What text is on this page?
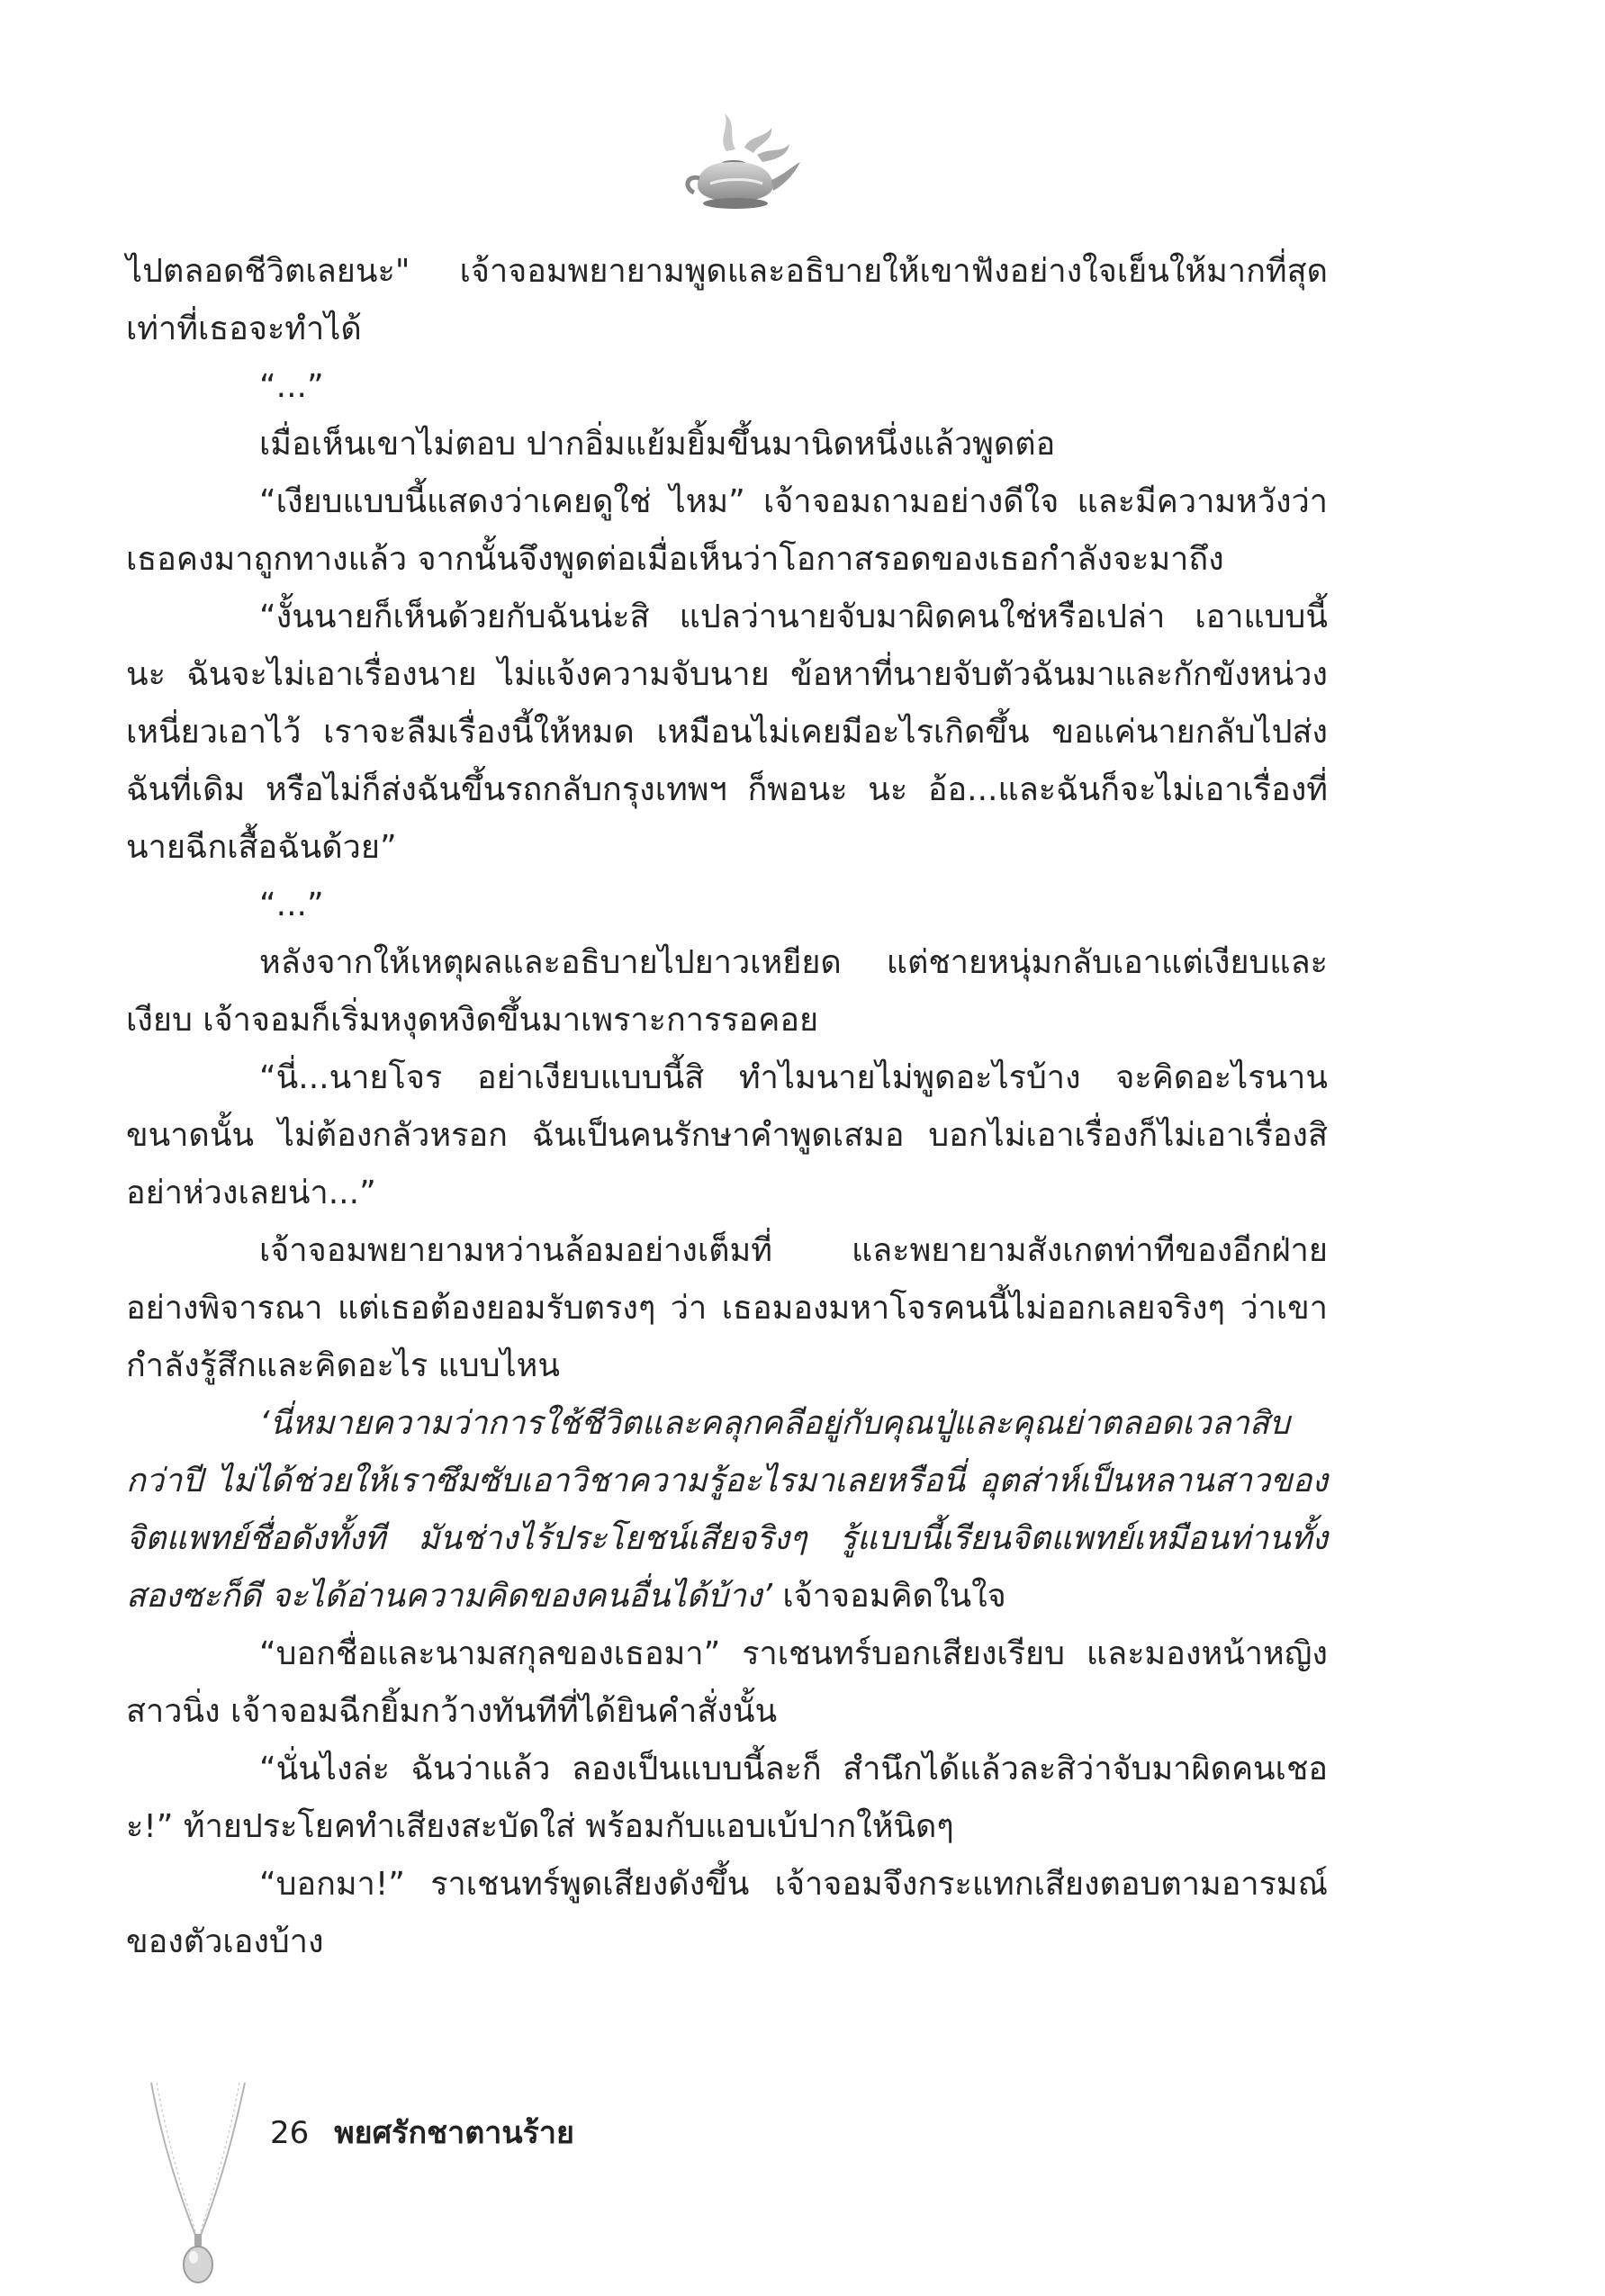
ไปตลอดชีวิตเลยนะ" เจ้าจอมพยายามพูดและอธิบายให้เขาฟังอย่างใจเย็นให้มากที่สุดเท่าที่เธอจะทำได้

“...”

เมื่อเห็นเขาไม่ตอบ ปากอิ่มแย้มยิ้มขึ้นมานิดหนึ่งแล้วพูดต่อ

“เงียบแบบนี้แสดงว่าเคยดูใช่ ไหม” เจ้าจอมถามอย่างดีใจ และมีความหวังว่าเธอคงมาถูกทางแล้ว จากนั้นจึงพูดต่อเมื่อเห็นว่าโอกาสรอดของเธอกำลังจะมาถึง

“งั้นนายก็เห็นด้วยกับฉันน่ะสิ แปลว่านายจับมาผิดคนใช่หรือเปล่า เอาแบบนี้นะ ฉันจะไม่เอาเรื่องนาย ไม่แจ้งความจับนาย ข้อหาที่นายจับตัวฉันมาและกักขังหน่วงเหนี่ยวเอาไว้ เราจะลืมเรื่องนี้ให้หมด เหมือนไม่เคยมีอะไรเกิดขึ้น ขอแค่นายกลับไปส่งฉันที่เดิม หรือไม่ก็ส่งฉันขึ้นรถกลับกรุงเทพฯ ก็พอนะ นะ อ้อ...และฉันก็จะไม่เอาเรื่องที่นายฉีกเสื้อฉันด้วย”

“...”

หลังจากให้เหตุผลและอธิบายไปยาวเหยียด แต่ชายหนุ่มกลับเอาแต่เงียบและเงียบ เจ้าจอมก็เริ่มหงุดหงิดขึ้นมาเพราะการรอคอย

“นี่...นายโจร อย่าเงียบแบบนี้สิ ทำไมนายไม่พูดอะไรบ้าง จะคิดอะไรนานขนาดนั้น ไม่ต้องกลัวหรอก ฉันเป็นคนรักษาคำพูดเสมอ บอกไม่เอาเรื่องก็ไม่เอาเรื่องสิ อย่าห่วงเลยน่า...”

เจ้าจอมพยายามหว่านล้อมอย่างเต็มที่ และพยายามสังเกตท่าทีของอีกฝ่ายอย่างพิจารณา แต่เธอต้องยอมรับตรงๆ ว่า เธอมองมหาโจรคนนี้ไม่ออกเลยจริงๆ ว่าเขากำลังรู้สึกและคิดอะไร แบบไหน

‘นี่หมายความว่าการใช้ชีวิตและคลุกคลีอยู่กับคุณปู่และคุณย่าตลอดเวลาสิบกว่าปี ไม่ได้ช่วยให้เราซึมซับเอาวิชาความรู้อะไรมาเลยหรือนี่ อุตส่าห์เป็นหลานสาวของจิตแพทย์ชื่อดังทั้งที มันช่างไร้ประโยชน์เสียจริงๆ รู้แบบนี้เรียนจิตแพทย์เหมือนท่านทั้งสองซะก็ดี จะได้อ่านความคิดของคนอื่นได้บ้าง’ เจ้าจอมคิดในใจ

“บอกชื่อและนามสกุลของเธอมา” ราเชนทร์บอกเสียงเรียบ และมองหน้าหญิงสาวนิ่ง เจ้าจอมฉีกยิ้มกว้างทันทีที่ได้ยินคำสั่งนั้น

“นั่นไงล่ะ ฉันว่าแล้ว ลองเป็นแบบนี้ละก็ สำนึกได้แล้วละสิว่าจับมาผิดคนเชอะ!” ท้ายประโยคทำเสียงสะบัดใส่ พร้อมกับแอบเบ้ปากให้นิดๆ

“บอกมา!” ราเชนทร์พูดเสียงดังขึ้น เจ้าจอมจึงกระแทกเสียงตอบตามอารมณ์ของตัวเองบ้าง

26 พยศรักชาตานร้าย
